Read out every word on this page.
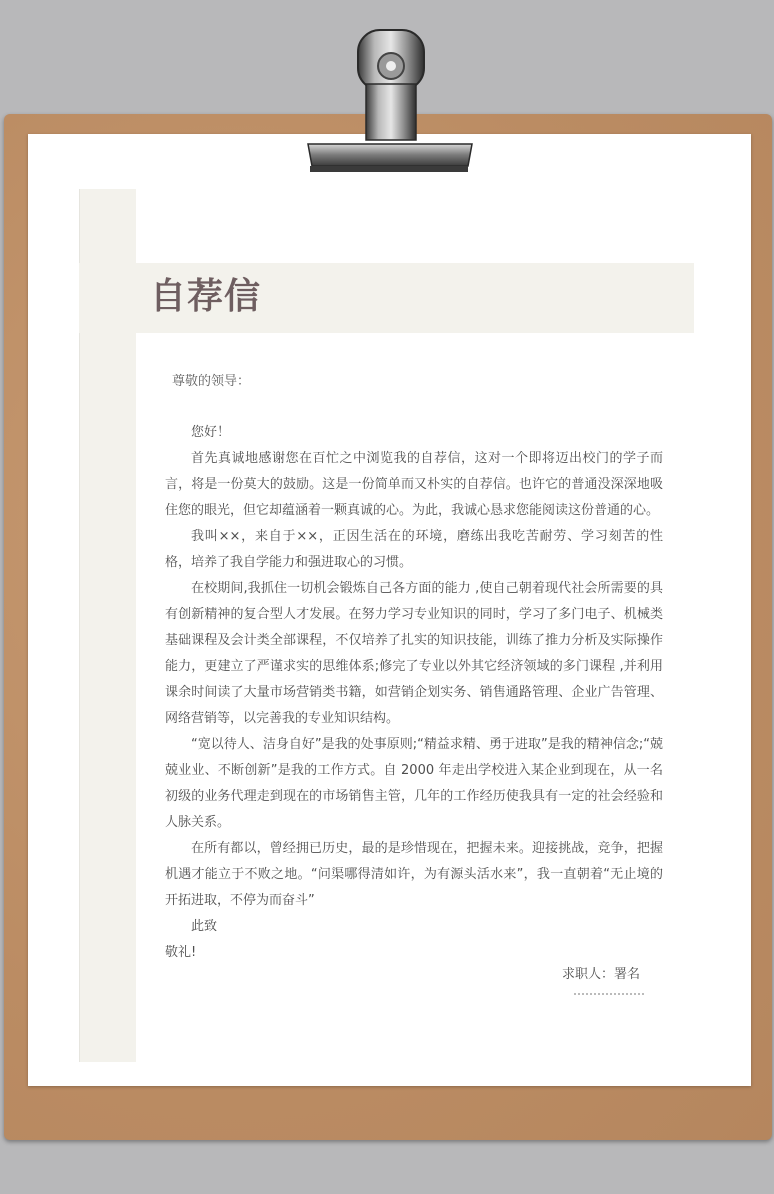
自荐信
尊敬的领导：

您好！

首先真诚地感谢您在百忙之中浏览我的自荐信，这对一个即将迈出校门的学子而言，将是一份莫大的鼓励。这是一份简单而又朴实的自荐信。也许它的普通没深深地吸住您的眼光，但它却蕴涵着一颗真诚的心。为此，我诚心恳求您能阅读这份普通的心。

我叫××，来自于××，正因生活在的环境，磨练出我吃苦耐劳、学习刻苦的性格，培养了我自学能力和强进取心的习惯。

在校期间,我抓住一切机会锻炼自己各方面的能力 ,使自己朝着现代社会所需要的具有创新精神的复合型人才发展。在努力学习专业知识的同时，学习了多门电子、机械类基础课程及会计类全部课程，不仅培养了扎实的知识技能，训练了推力分析及实际操作能力，更建立了严谨求实的思维体系;修完了专业以外其它经济领域的多门课程 ,并利用课余时间读了大量市场营销类书籍，如营销企划实务、销售通路管理、企业广告管理、网络营销等，以完善我的专业知识结构。

“宽以待人、洁身自好”是我的处事原则;“精益求精、勇于进取”是我的精神信念;“兢兢业业、不断创新”是我的工作方式。自 2000 年走出学校进入某企业到现在，从一名初级的业务代理走到现在的市场销售主管，几年的工作经历使我具有一定的社会经验和人脉关系。

在所有都以，曾经拥已历史，最的是珍惜现在，把握未来。迎接挑战，竞争，把握机遇才能立于不败之地。“问渠哪得清如许，为有源头活水来”，我一直朝着“无止境的开拓进取，不停为而奋斗”

此致

敬礼!

求职人：署名
